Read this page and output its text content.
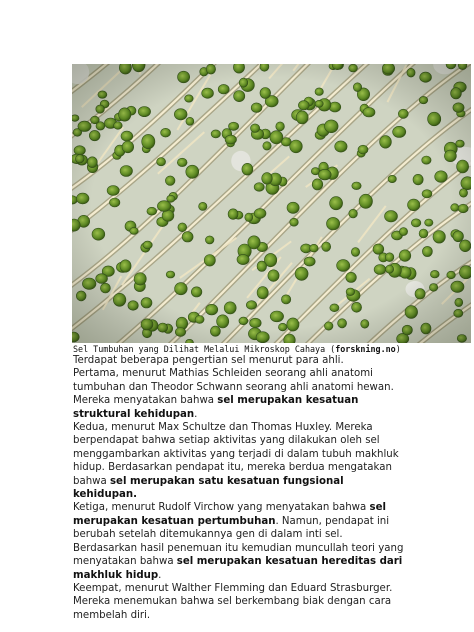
Sel Tumbuhan yang Dilihat Melalui Mikroskop Cahaya (forskning.no)

Terdapat beberapa pengertian sel menurut para ahli.

Pertama, menurut Mathias Schleiden seorang ahli anatomi tumbuhan dan Theodor Schwann seorang ahli anatomi hewan. Mereka menyatakan bahwa sel merupakan kesatuan struktural kehidupan.

Kedua, menurut Max Schultze dan Thomas Huxley. Mereka berpendapat bahwa setiap aktivitas yang dilakukan oleh sel menggambarkan aktivitas yang terjadi di dalam tubuh makhluk hidup. Berdasarkan pendapat itu, mereka berdua mengatakan bahwa sel merupakan satu kesatuan fungsional kehidupan.

Ketiga, menurut Rudolf Virchow yang menyatakan bahwa sel merupakan kesatuan pertumbuhan. Namun, pendapat ini berubah setelah ditemukannya gen di dalam inti sel. Berdasarkan hasil penemuan itu kemudian muncullah teori yang menyatakan bahwa sel merupakan kesatuan hereditas dari makhluk hidup.

Keempat, menurut Walther Flemming dan Eduard Strasburger. Mereka menemukan bahwa sel berkembang biak dengan cara membelah diri.
